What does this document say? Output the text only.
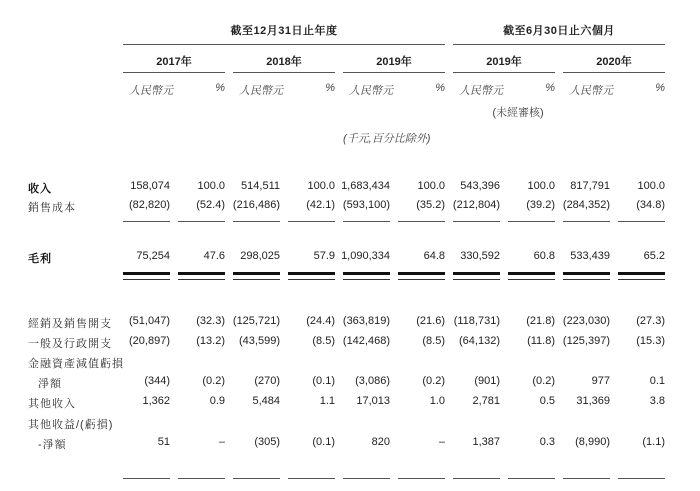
截至12月31日止年度	截至6月30日止六個月
2017年	2018年	2019年	2019年	2020年
人民幣元	% 人民幣元	% 人民幣元	% 人民幣元	% 人民幣元	%
(未經審核)
(千元,百分比除外)
收入	158,074	100.0	514,511	100.0 1,683,434	100.0	543,396	100.0	817,791	100.0
銷售成本	(82,820)	(52.4) (216,486)	(42.1) (593,100)	(35.2) (212,804)	(39.2) (284,352)	(34.8)
毛利	75,254	47.6	298,025	57.9 1,090,334	64.8	330,592	60.8	533,439	65.2
經銷及銷售開支	(51,047)	(32.3) (125,721)	(24.4) (363,819)	(21.6) (118,731)	(21.8) (223,030)	(27.3)
一般及行政開支	(20,897)	(13.2)	(43,599)	(8.5) (142,468)	(8.5)	(64,132)	(11.8) (125,397)	(15.3)
金融資產減值虧損
淨額	(344)	(0.2)	(270)	(0.1)	(3,086)	(0.2)	(901)	(0.2)	977	0.1
其他收入	1,362	0.9	5,484	1.1	17,013	1.0	2,781	0.5	31,369	3.8
其他收益/(虧損)
-淨額	51	–	(305)	(0.1)	820	–	1,387	0.3	(8,990)	(1.1)
